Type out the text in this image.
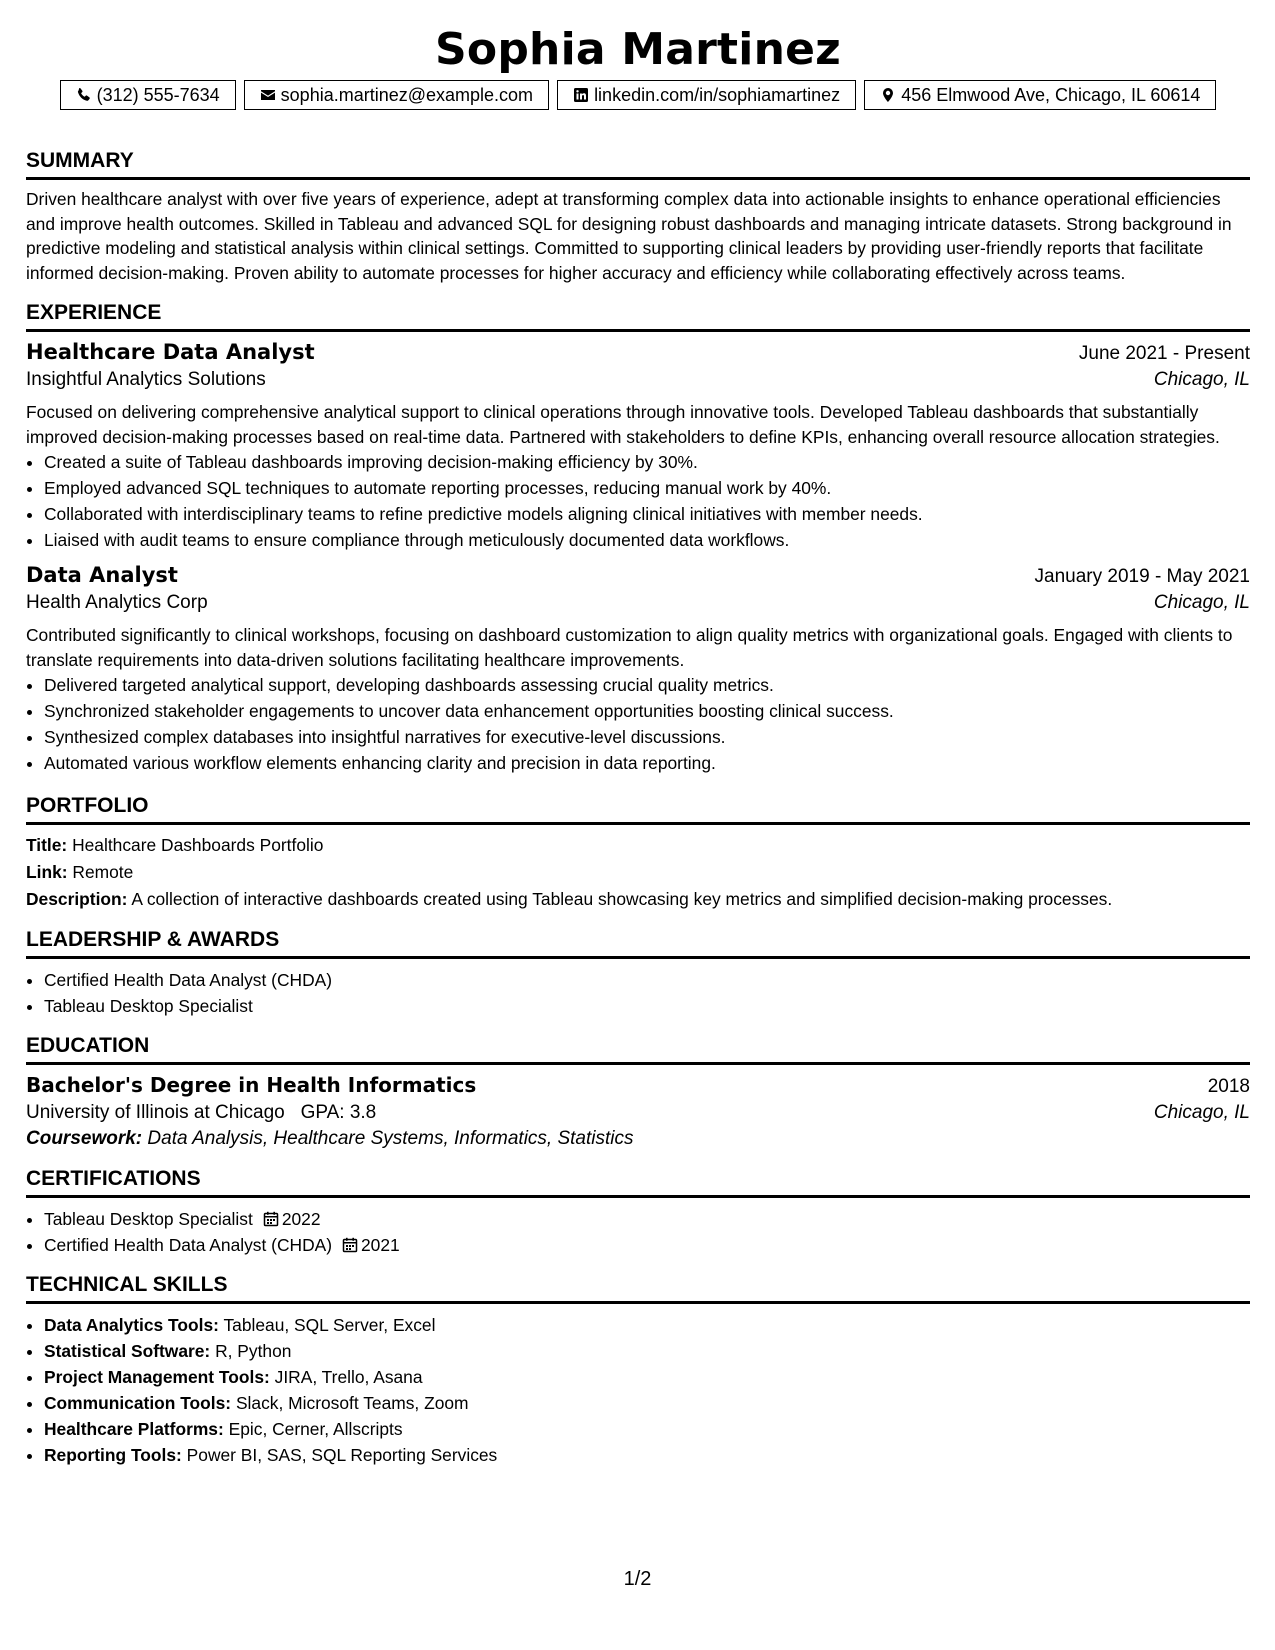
Sophia Martinez
(312) 555-7634	sophia.martinez@example.com	linkedin.com/in/sophiamartinez	456 Elmwood Ave, Chicago, IL 60614
SUMMARY
Driven healthcare analyst with over five years of experience, adept at transforming complex data into actionable insights to enhance operational efficiencies and improve health outcomes. Skilled in Tableau and advanced SQL for designing robust dashboards and managing intricate datasets. Strong background in predictive modeling and statistical analysis within clinical settings. Committed to supporting clinical leaders by providing user-friendly reports that facilitate informed decision-making. Proven ability to automate processes for higher accuracy and efficiency while collaborating effectively across teams.
EXPERIENCE
Healthcare Data Analyst	June 2021 - Present
Insightful Analytics Solutions	Chicago, IL
Focused on delivering comprehensive analytical support to clinical operations through innovative tools. Developed Tableau dashboards that substantially improved decision-making processes based on real-time data. Partnered with stakeholders to define KPIs, enhancing overall resource allocation strategies.
• Created a suite of Tableau dashboards improving decision-making efficiency by 30%.
• Employed advanced SQL techniques to automate reporting processes, reducing manual work by 40%.
• Collaborated with interdisciplinary teams to refine predictive models aligning clinical initiatives with member needs.
• Liaised with audit teams to ensure compliance through meticulously documented data workflows.
Data Analyst	January 2019 - May 2021
Health Analytics Corp	Chicago, IL
Contributed significantly to clinical workshops, focusing on dashboard customization to align quality metrics with organizational goals. Engaged with clients to translate requirements into data-driven solutions facilitating healthcare improvements.
• Delivered targeted analytical support, developing dashboards assessing crucial quality metrics.
• Synchronized stakeholder engagements to uncover data enhancement opportunities boosting clinical success.
• Synthesized complex databases into insightful narratives for executive-level discussions.
• Automated various workflow elements enhancing clarity and precision in data reporting.
PORTFOLIO
Title: Healthcare Dashboards Portfolio
Link: Remote
Description: A collection of interactive dashboards created using Tableau showcasing key metrics and simplified decision-making processes.
LEADERSHIP & AWARDS
• Certified Health Data Analyst (CHDA)
• Tableau Desktop Specialist
EDUCATION
Bachelor's Degree in Health Informatics	2018
University of Illinois at Chicago GPA: 3.8	Chicago, IL
Coursework: Data Analysis, Healthcare Systems, Informatics, Statistics
CERTIFICATIONS
• Tableau Desktop Specialist 2022
• Certified Health Data Analyst (CHDA) 2021
TECHNICAL SKILLS
• Data Analytics Tools: Tableau, SQL Server, Excel
• Statistical Software: R, Python
• Project Management Tools: JIRA, Trello, Asana
• Communication Tools: Slack, Microsoft Teams, Zoom
• Healthcare Platforms: Epic, Cerner, Allscripts
• Reporting Tools: Power BI, SAS, SQL Reporting Services
1/2
